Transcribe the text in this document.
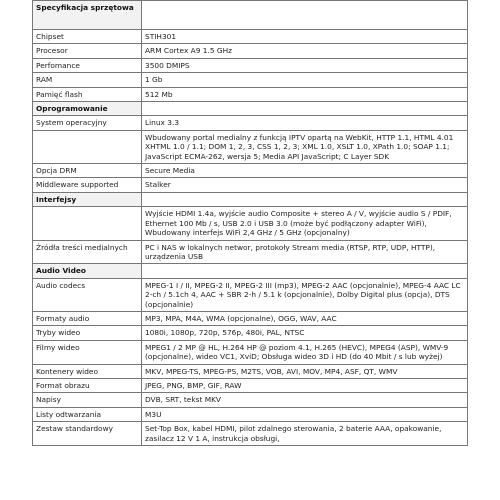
Specyfikacja sprzętowa	
Chipset	STIH301
Procesor	ARM Cortex A9 1.5 GHz
Perfomance	3500 DMIPS
RAM	1 Gb
Pamięć flash	512 Mb
Oprogramowanie	
System operacyjny	Linux 3.3
	Wbudowany portal medialny z funkcją IPTV opartą na WebKit, HTTP 1.1, HTML 4.01 XHTML 1.0 / 1.1; DOM 1, 2, 3, CSS 1, 2, 3; XML 1.0, XSLT 1.0, XPath 1.0; SOAP 1.1; JavaScript ECMA-262, wersja 5; Media API JavaScript; C Layer SDK
Opcja DRM	Secure Media
Middleware supported	Stalker
Interfejsy	
	Wyjście HDMI 1.4a, wyjście audio Composite + stereo A / V, wyjście audio S / PDIF, Ethernet 100 Mb / s, USB 2.0 i USB 3.0 (może być podłączony adapter WiFi), Wbudowany interfejs WiFi 2,4 GHz / 5 GHz (opcjonalny)
Źródła treści medialnych	PC i NAS w lokalnych networ, protokoły Stream media (RTSP, RTP, UDP, HTTP), urządzenia USB
Audio Video	
Audio codecs	MPEG-1 I / II, MPEG-2 II, MPEG-2 III (mp3), MPEG-2 AAC (opcjonalnie), MPEG-4 AAC LC 2-ch / 5.1ch 4, AAC + SBR 2-h / 5.1 k (opcjonalnie), Dolby Digital plus (opcja), DTS (opcjonalnie)
Formaty audio	MP3, MPA, M4A, WMA (opcjonalne), OGG, WAV, AAC
Tryby wideo	1080i, 1080p, 720p, 576p, 480i, PAL, NTSC
Filmy wideo	MPEG1 / 2 MP @ HL, H.264 HP @ poziom 4.1, H.265 (HEVC), MPEG4 (ASP), WMV-9 (opcjonalne), wideo VC1, XviD; Obsługa wideo 3D i HD (do 40 Mbit / s lub wyżej)
Kontenery wideo	MKV, MPEG-TS, MPEG-PS, M2TS, VOB, AVI, MOV, MP4, ASF, QT, WMV
Format obrazu	JPEG, PNG, BMP, GIF, RAW
Napisy	DVB, SRT, tekst MKV
Listy odtwarzania	M3U
Zestaw standardowy	Set-Top Box, kabel HDMI, pilot zdalnego sterowania, 2 baterie AAA, opakowanie, zasilacz 12 V 1 A, instrukcja obsługi,
